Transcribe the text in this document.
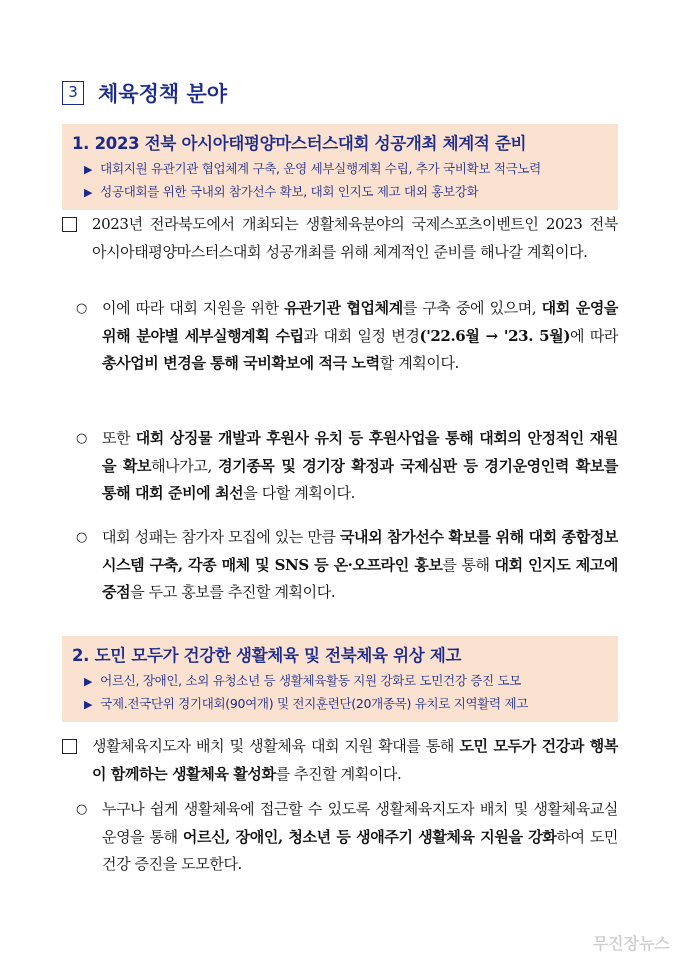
3 체육정책 분야
1. 2023 전북 아시아태평양마스터스대회 성공개최 체계적 준비
▶ 대회지원 유관기관 협업체계 구축, 운영 세부실행계획 수립, 추가 국비확보 적극노력
▶ 성공대회를 위한 국내외 참가선수 확보, 대회 인지도 제고 대외 홍보강화
2023년 전라북도에서 개최되는 생활체육분야의 국제스포츠이벤트인 2023 전북 아시아태평양마스터스대회 성공개최를 위해 체계적인 준비를 해나갈 계획이다.
○ 이에 따라 대회 지원을 위한 유관기관 협업체계를 구축 중에 있으며, 대회 운영을 위해 분야별 세부실행계획 수립과 대회 일정 변경('22.6월 → '23. 5월)에 따라 총사업비 변경을 통해 국비확보에 적극 노력할 계획이다.
○ 또한 대회 상징물 개발과 후원사 유치 등 후원사업을 통해 대회의 안정적인 재원을 확보해나가고, 경기종목 및 경기장 확정과 국제심판 등 경기운영인력 확보를 통해 대회 준비에 최선을 다할 계획이다.
○ 대회 성패는 참가자 모집에 있는 만큼 국내외 참가선수 확보를 위해 대회 종합정보시스템 구축, 각종 매체 및 SNS 등 온·오프라인 홍보를 통해 대회 인지도 제고에 중점을 두고 홍보를 추진할 계획이다.
2. 도민 모두가 건강한 생활체육 및 전북체육 위상 제고
▶ 어르신, 장애인, 소외 유청소년 등 생활체육활동 지원 강화로 도민건강 증진 도모
▶ 국제.전국단위 경기대회(90여개) 및 전지훈련단(20개종목) 유치로 지역활력 제고
생활체육지도자 배치 및 생활체육 대회 지원 확대를 통해 도민 모두가 건강과 행복이 함께하는 생활체육 활성화를 추진할 계획이다.
○ 누구나 쉽게 생활체육에 접근할 수 있도록 생활체육지도자 배치 및 생활체육교실 운영을 통해 어르신, 장애인, 청소년 등 생애주기 생활체육 지원을 강화하여 도민건강 증진을 도모한다.
무진장뉴스
